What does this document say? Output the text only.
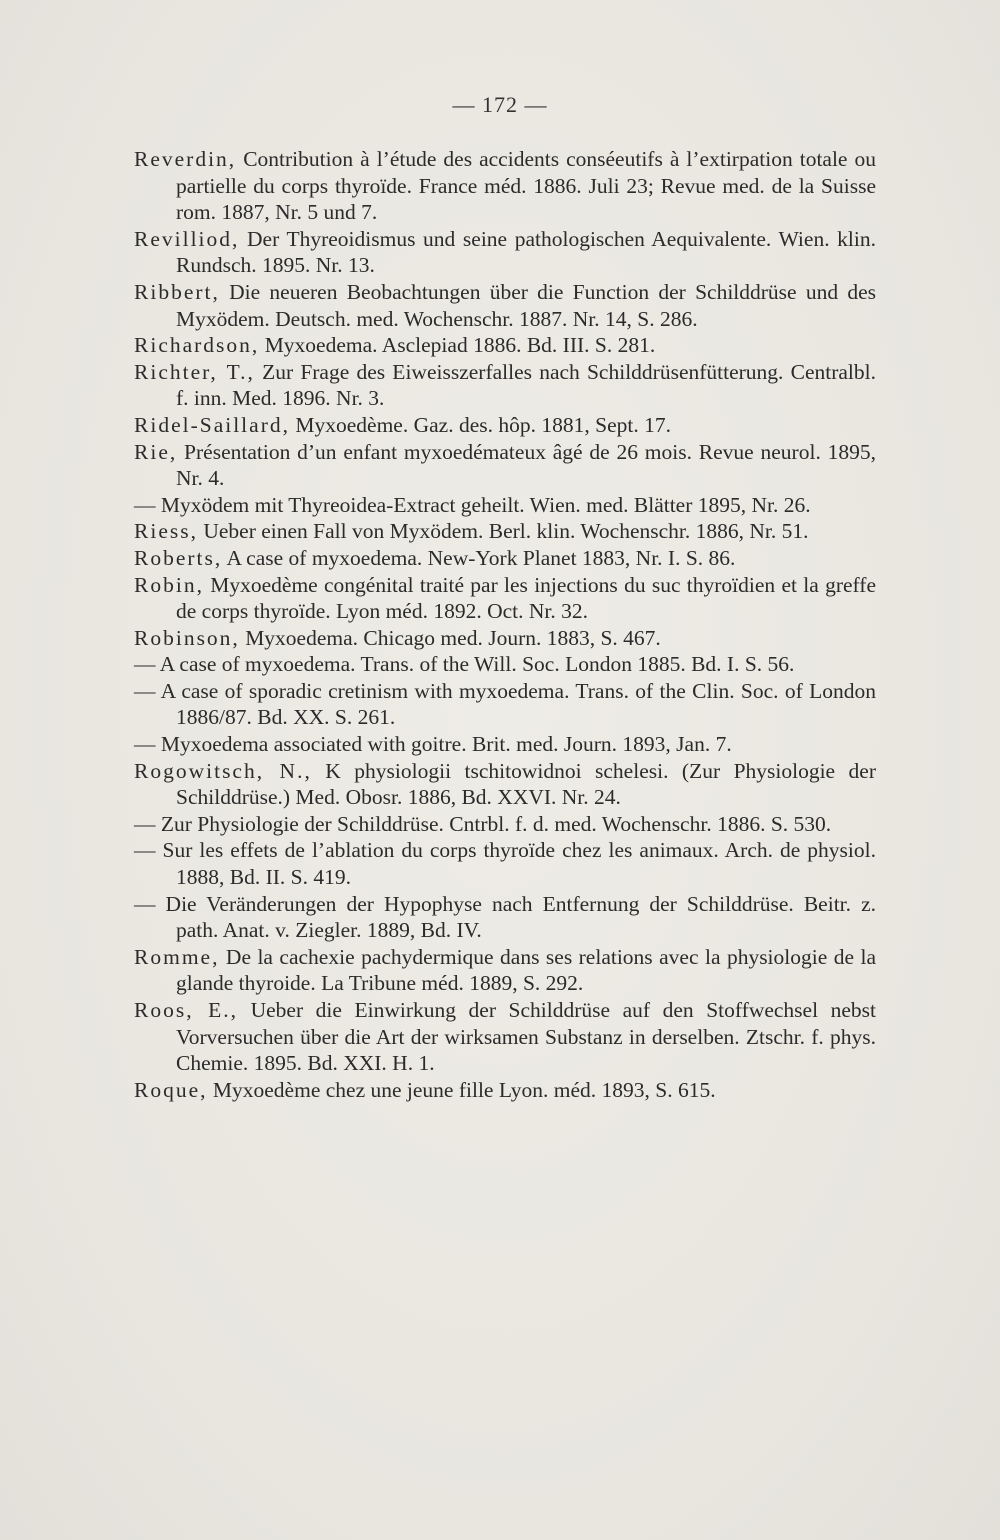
— 172 —

Reverdin, Contribution à l’étude des accidents conséeutifs à l’extirpation totale ou partielle du corps thyroïde. France méd. 1886. Juli 23; Revue med. de la Suisse rom. 1887, Nr. 5 und 7.

Revilliod, Der Thyreoidismus und seine pathologischen Aequivalente. Wien. klin. Rundsch. 1895. Nr. 13.

Ribbert, Die neueren Beobachtungen über die Function der Schilddrüse und des Myxödem. Deutsch. med. Wochenschr. 1887. Nr. 14, S. 286.

Richardson, Myxoedema. Asclepiad 1886. Bd. III. S. 281.

Richter, T., Zur Frage des Eiweisszerfalles nach Schilddrüsenfütterung. Centralbl. f. inn. Med. 1896. Nr. 3.

Ridel-Saillard, Myxoedème. Gaz. des. hôp. 1881, Sept. 17.

Rie, Présentation d’un enfant myxoedémateux âgé de 26 mois. Revue neurol. 1895, Nr. 4.

— Myxödem mit Thyreoidea-Extract geheilt. Wien. med. Blätter 1895, Nr. 26.

Riess, Ueber einen Fall von Myxödem. Berl. klin. Wochenschr. 1886, Nr. 51.

Roberts, A case of myxoedema. New-York Planet 1883, Nr. I. S. 86.

Robin, Myxoedème congénital traité par les injections du suc thyroïdien et la greffe de corps thyroïde. Lyon méd. 1892. Oct. Nr. 32.

Robinson, Myxoedema. Chicago med. Journ. 1883, S. 467.

— A case of myxoedema. Trans. of the Will. Soc. London 1885. Bd. I. S. 56.

— A case of sporadic cretinism with myxoedema. Trans. of the Clin. Soc. of London 1886/87. Bd. XX. S. 261.

— Myxoedema associated with goitre. Brit. med. Journ. 1893, Jan. 7.

Rogowitsch, N., K physiologii tschitowidnoi schelesi. (Zur Physiologie der Schilddrüse.) Med. Obosr. 1886, Bd. XXVI. Nr. 24.

— Zur Physiologie der Schilddrüse. Cntrbl. f. d. med. Wochenschr. 1886. S. 530.

— Sur les effets de l’ablation du corps thyroïde chez les animaux. Arch. de physiol. 1888, Bd. II. S. 419.

— Die Veränderungen der Hypophyse nach Entfernung der Schilddrüse. Beitr. z. path. Anat. v. Ziegler. 1889, Bd. IV.

Romme, De la cachexie pachydermique dans ses relations avec la physiologie de la glande thyroide. La Tribune méd. 1889, S. 292.

Roos, E., Ueber die Einwirkung der Schilddrüse auf den Stoffwechsel nebst Vorversuchen über die Art der wirksamen Substanz in derselben. Ztschr. f. phys. Chemie. 1895. Bd. XXI. H. 1.

Roque, Myxoedème chez une jeune fille Lyon. méd. 1893, S. 615.
